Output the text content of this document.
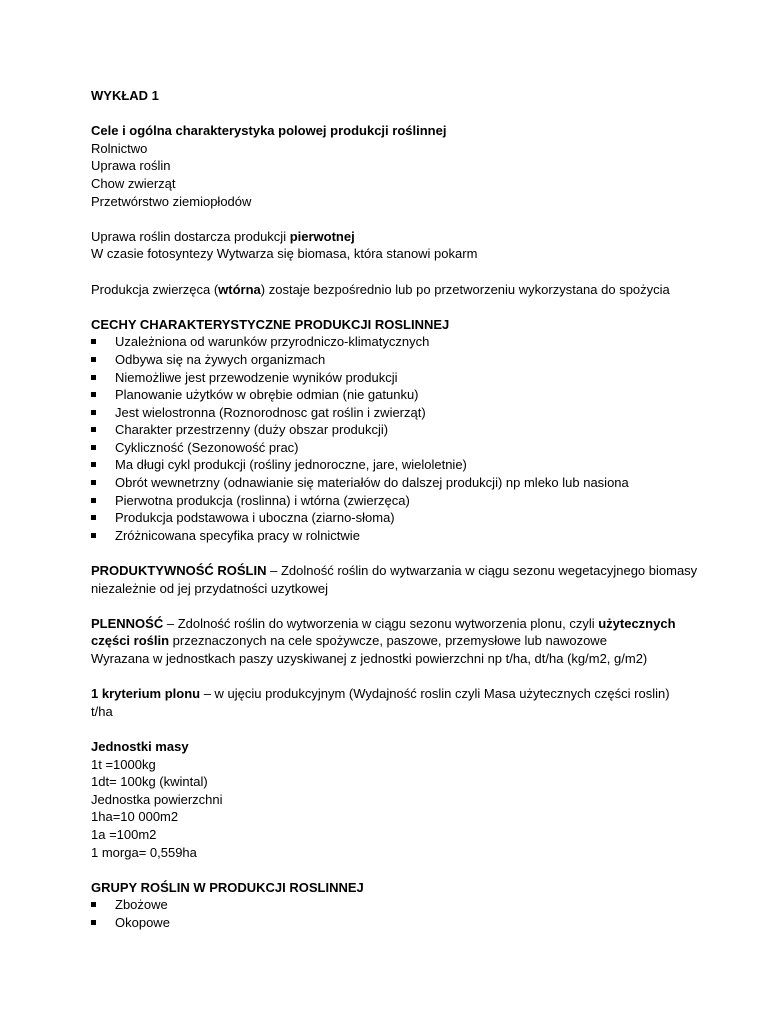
WYKŁAD 1
Cele i ogólna charakterystyka polowej produkcji roślinnej
Rolnictwo
Uprawa roślin
Chow zwierząt
Przetwórstwo ziemiopłodów
Uprawa roślin dostarcza produkcji pierwotnej
W czasie fotosyntezy Wytwarza się biomasa, która stanowi pokarm
Produkcja zwierzęca (wtórna) zostaje bezpośrednio lub po przetworzeniu wykorzystana do spożycia
CECHY CHARAKTERYSTYCZNE PRODUKCJI ROSLINNEJ
Uzależniona od warunków przyrodniczo-klimatycznych
Odbywa się na żywych organizmach
Niemożliwe jest przewodzenie wyników produkcji
Planowanie użytków w obrębie odmian (nie gatunku)
Jest wielostronna (Roznorodnosc gat roślin i zwierząt)
Charakter przestrzenny (duży obszar produkcji)
Cykliczność (Sezonowość prac)
Ma długi cykl produkcji (rośliny jednoroczne, jare, wieloletnie)
Obrót wewnetrzny (odnawianie się materiałów do dalszej produkcji) np mleko lub nasiona
Pierwotna produkcja (roslinna) i wtórna (zwierzęca)
Produkcja podstawowa i uboczna (ziarno-słoma)
Zróżnicowana specyfika pracy w rolnictwie
PRODUKTYWNOŚĆ ROŚLIN – Zdolność roślin do wytwarzania w ciągu sezonu wegetacyjnego biomasy
niezależnie od jej przydatności uzytkowej
PLENNOŚĆ – Zdolność roślin do wytworzenia w ciągu sezonu wytworzenia plonu, czyli użytecznych
części roślin przeznaczonych na cele spożywcze, paszowe, przemysłowe lub nawozowe
Wyrazana w jednostkach paszy uzyskiwanej z jednostki powierzchni np t/ha, dt/ha (kg/m2, g/m2)
1 kryterium plonu – w ujęciu produkcyjnym (Wydajność roslin czyli Masa użytecznych części roslin)
t/ha
Jednostki masy
1t =1000kg
1dt= 100kg (kwintal)
Jednostka powierzchni
1ha=10 000m2
1a =100m2
1 morga= 0,559ha
GRUPY ROŚLIN W PRODUKCJI ROSLINNEJ
Zbożowe
Okopowe
